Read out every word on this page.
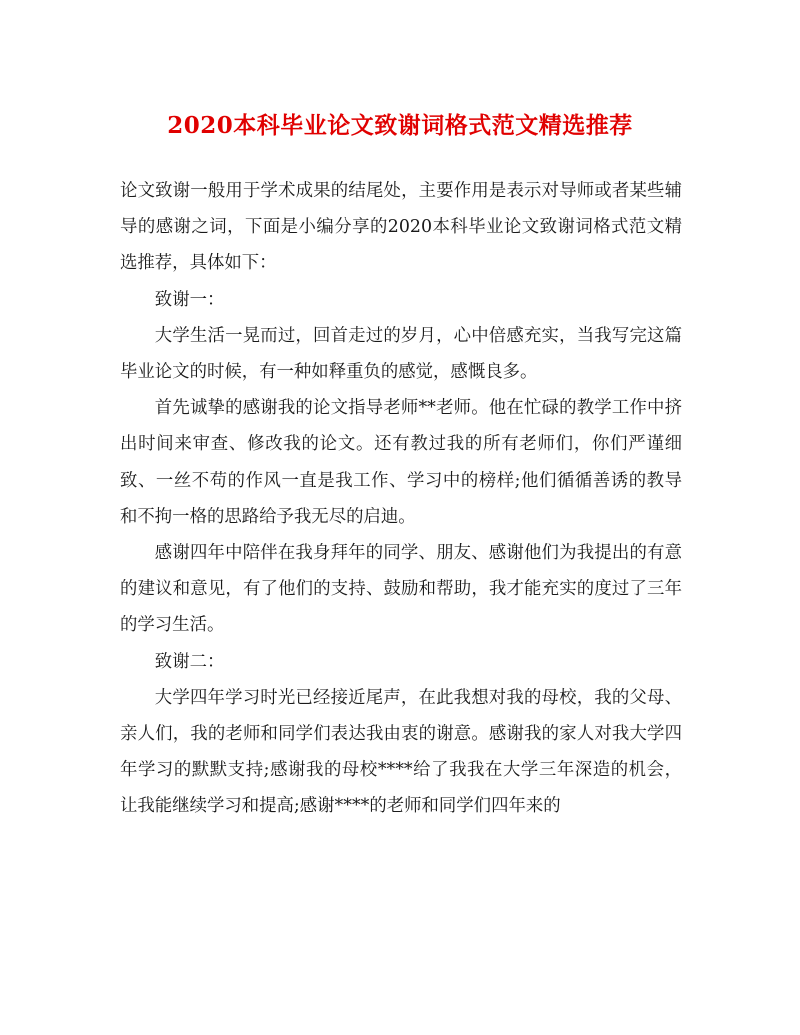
2020本科毕业论文致谢词格式范文精选推荐

论文致谢一般用于学术成果的结尾处，主要作用是表示对导师或者某些辅导的感谢之词，下面是小编分享的2020本科毕业论文致谢词格式范文精选推荐，具体如下：

致谢一：

大学生活一晃而过，回首走过的岁月，心中倍感充实，当我写完这篇毕业论文的时候，有一种如释重负的感觉，感慨良多。

首先诚挚的感谢我的论文指导老师**老师。他在忙碌的教学工作中挤出时间来审查、修改我的论文。还有教过我的所有老师们，你们严谨细致、一丝不苟的作风一直是我工作、学习中的榜样;他们循循善诱的教导和不拘一格的思路给予我无尽的启迪。

感谢四年中陪伴在我身拜年的同学、朋友、感谢他们为我提出的有意的建议和意见，有了他们的支持、鼓励和帮助，我才能充实的度过了三年的学习生活。

致谢二：

大学四年学习时光已经接近尾声，在此我想对我的母校，我的父母、亲人们，我的老师和同学们表达我由衷的谢意。感谢我的家人对我大学四年学习的默默支持;感谢我的母校****给了我我在大学三年深造的机会，让我能继续学习和提高;感谢****的老师和同学们四年来的
